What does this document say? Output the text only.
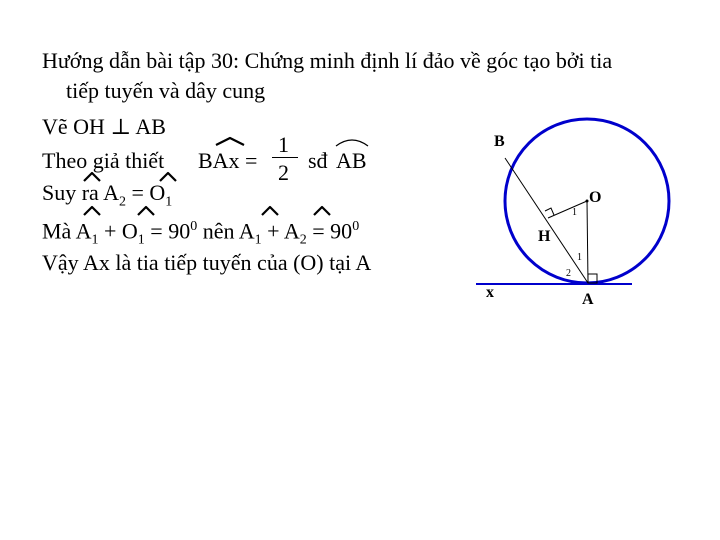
Hướng dẫn bài tập 30: Chứng minh định lí đảo về góc tạo bởi tia
tiếp tuyến và dây cung
Vẽ OH ⊥ AB
Theo giả thiết BAx =
1
2 sđ AB
Suy ra $A_2 = O_1$
Mà $A_1 + O_1 = 90^0$ nên $A_1 + A_2 = 90^0$
Vậy Ax là tia tiếp tuyến của (O) tại A
B
O
H
A
x
1
1
2
